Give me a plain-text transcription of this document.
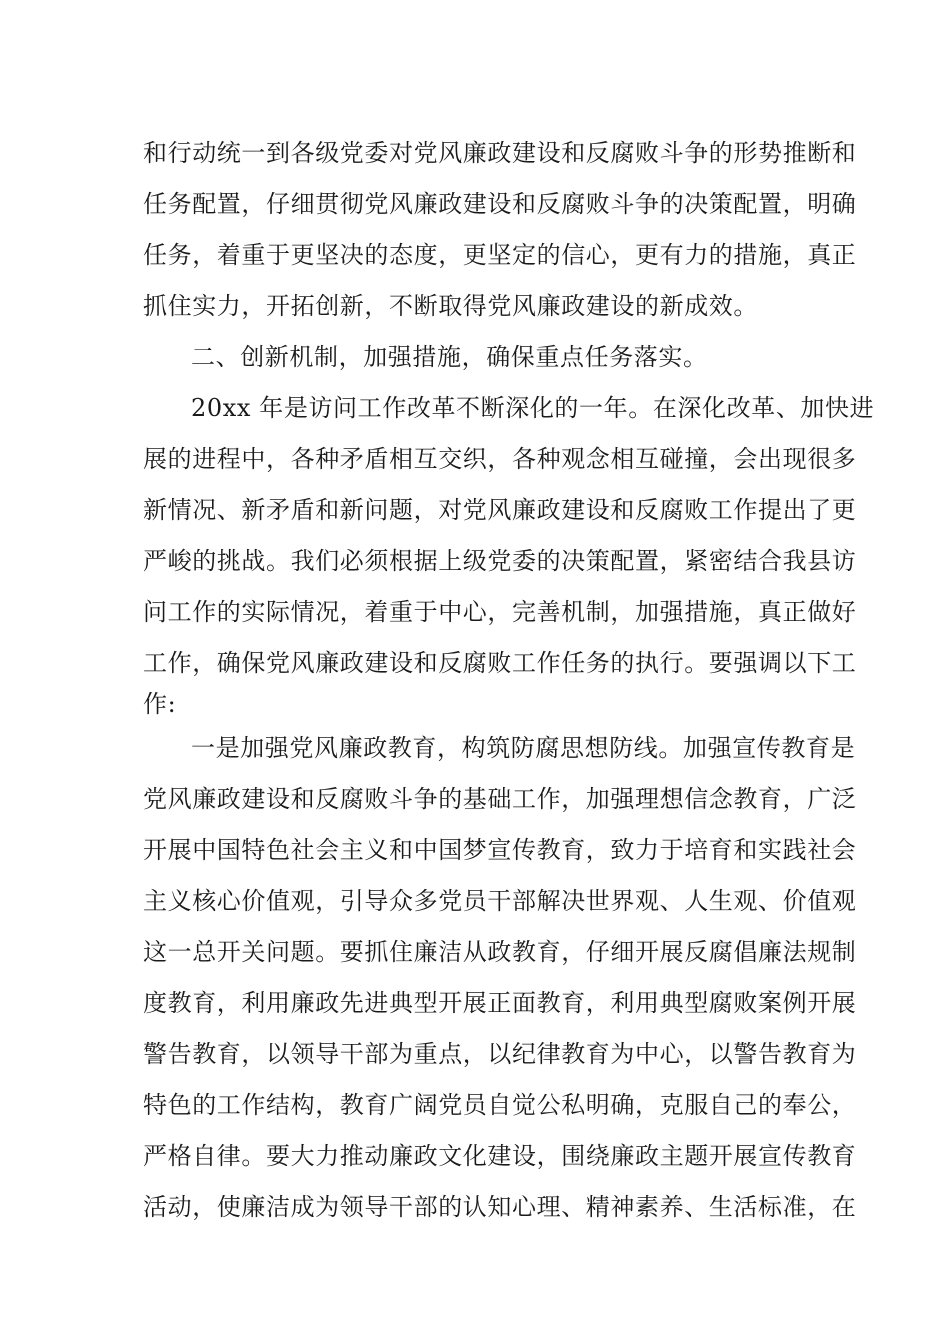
和行动统一到各级党委对党风廉政建设和反腐败斗争的形势推断和

任务配置，仔细贯彻党风廉政建设和反腐败斗争的决策配置，明确

任务，着重于更坚决的态度，更坚定的信心，更有力的措施，真正

抓住实力，开拓创新，不断取得党风廉政建设的新成效。

二、创新机制，加强措施，确保重点任务落实。

20xx 年是访问工作改革不断深化的一年。在深化改革、加快进

展的进程中，各种矛盾相互交织，各种观念相互碰撞，会出现很多

新情况、新矛盾和新问题，对党风廉政建设和反腐败工作提出了更

严峻的挑战。我们必须根据上级党委的决策配置，紧密结合我县访

问工作的实际情况，着重于中心，完善机制，加强措施，真正做好

工作，确保党风廉政建设和反腐败工作任务的执行。要强调以下工

作:

一是加强党风廉政教育，构筑防腐思想防线。加强宣传教育是

党风廉政建设和反腐败斗争的基础工作，加强理想信念教育，广泛

开展中国特色社会主义和中国梦宣传教育，致力于培育和实践社会

主义核心价值观，引导众多党员干部解决世界观、人生观、价值观

这一总开关问题。要抓住廉洁从政教育，仔细开展反腐倡廉法规制

度教育，利用廉政先进典型开展正面教育，利用典型腐败案例开展

警告教育，以领导干部为重点，以纪律教育为中心，以警告教育为

特色的工作结构，教育广阔党员自觉公私明确，克服自己的奉公，

严格自律。要大力推动廉政文化建设，围绕廉政主题开展宣传教育

活动，使廉洁成为领导干部的认知心理、精神素养、生活标准，在
